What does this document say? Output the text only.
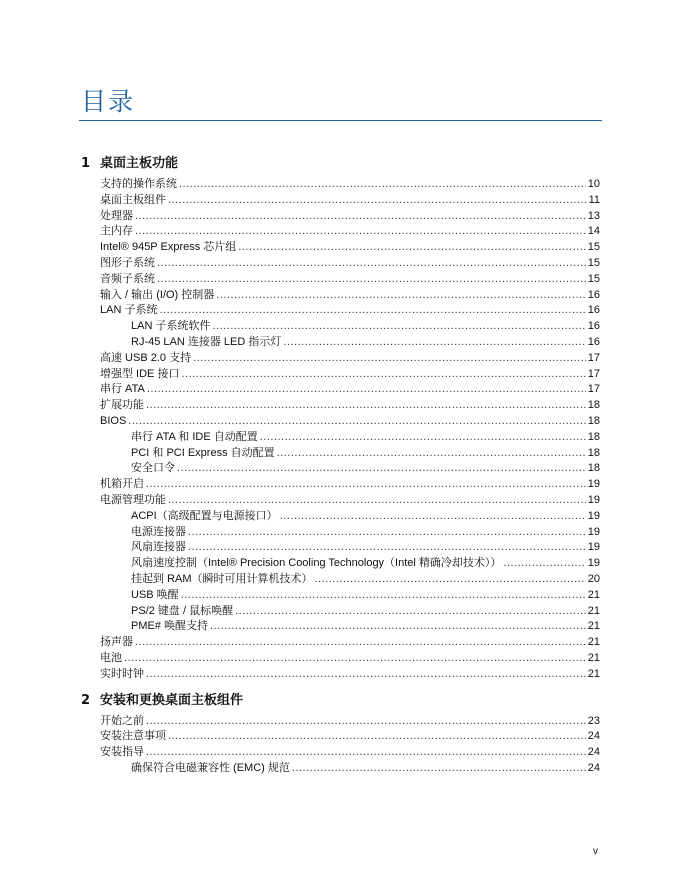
目录
1 桌面主板功能
支持的操作系统 .....	10
桌面主板组件 .....	11
处理器 .....	13
主内存 .....	14
Intel® 945P Express 芯片组 .....	15
图形子系统 .....	15
音频子系统 .....	15
输入 / 输出 (I/O) 控制器 .....	16
LAN 子系统 .....	16
LAN 子系统软件 .....	16
RJ-45 LAN 连接器 LED 指示灯 .....	16
高速 USB 2.0 支持 .....	17
增强型 IDE 接口 .....	17
串行 ATA .....	17
扩展功能 .....	18
BIOS .....	18
串行 ATA 和 IDE 自动配置 .....	18
PCI 和 PCI Express 自动配置 .....	18
安全口令 .....	18
机箱开启 .....	19
电源管理功能 .....	19
ACPI（高级配置与电源接口） .....	19
电源连接器 .....	19
风扇连接器 .....	19
风扇速度控制（Intel® Precision Cooling Technology（Intel 精确冷却技术）） .....	19
挂起到 RAM（瞬时可用计算机技术） .....	20
USB 唤醒 .....	21
PS/2 键盘 / 鼠标唤醒 .....	21
PME# 唤醒支持 .....	21
扬声器 .....	21
电池 .....	21
实时时钟 .....	21
2 安装和更换桌面主板组件
开始之前 .....	23
安装注意事项 .....	24
安装指导 .....	24
确保符合电磁兼容性 (EMC) 规范 .....	24
v
